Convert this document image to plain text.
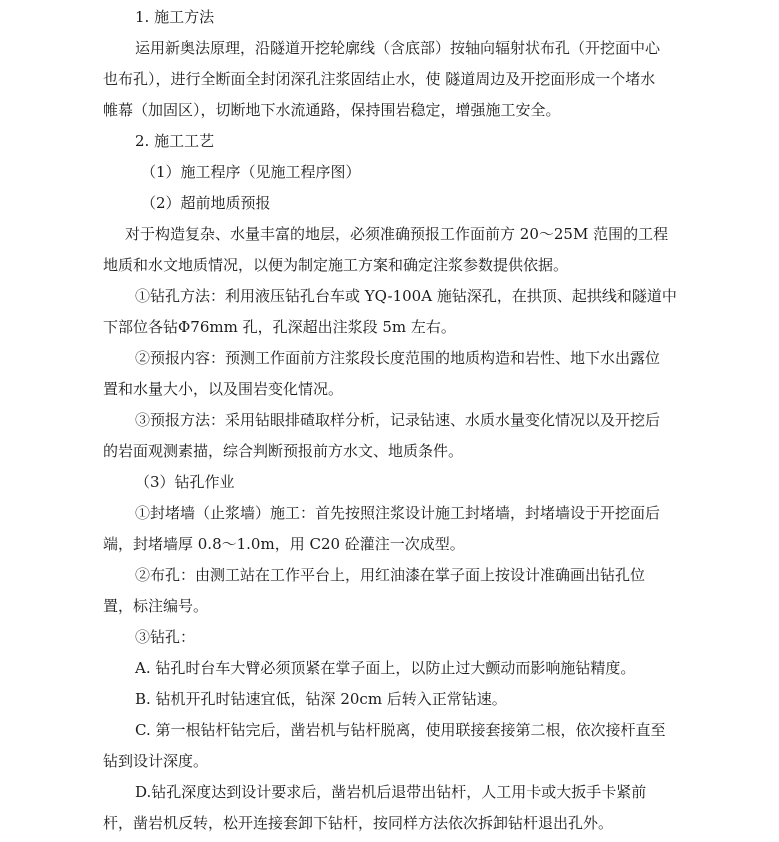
1. 施工方法
运用新奥法原理，沿隧道开挖轮廓线（含底部）按轴向辐射状布孔（开挖面中心
也布孔），进行全断面全封闭深孔注浆固结止水，使 隧道周边及开挖面形成一个堵水
帷幕（加固区），切断地下水流通路，保持围岩稳定，增强施工安全。
2. 施工工艺
（1）施工程序（见施工程序图）
（2）超前地质预报
对于构造复杂、水量丰富的地层，必须准确预报工作面前方 20～25M 范围的工程
地质和水文地质情况，以便为制定施工方案和确定注浆参数提供依据。
①钻孔方法：利用液压钻孔台车或 YQ-100A 施钻深孔，在拱顶、起拱线和隧道中
下部位各钻Φ76mm 孔，孔深超出注浆段 5m 左右。
②预报内容：预测工作面前方注浆段长度范围的地质构造和岩性、地下水出露位
置和水量大小，以及围岩变化情况。
③预报方法：采用钻眼排碴取样分析，记录钻速、水质水量变化情况以及开挖后
的岩面观测素描，综合判断预报前方水文、地质条件。
（3）钻孔作业
①封堵墙（止浆墙）施工：首先按照注浆设计施工封堵墙，封堵墙设于开挖面后
端，封堵墙厚 0.8～1.0m，用 C20 砼灌注一次成型。
②布孔：由测工站在工作平台上，用红油漆在掌子面上按设计准确画出钻孔位
置，标注编号。
③钻孔：
A. 钻孔时台车大臂必须顶紧在掌子面上，以防止过大颤动而影响施钻精度。
B. 钻机开孔时钻速宜低，钻深 20cm 后转入正常钻速。
C. 第一根钻杆钻完后，凿岩机与钻杆脱离，使用联接套接第二根，依次接杆直至
钻到设计深度。
D.钻孔深度达到设计要求后，凿岩机后退带出钻杆，人工用卡或大扳手卡紧前
杆，凿岩机反转，松开连接套卸下钻杆，按同样方法依次拆卸钻杆退出孔外。
